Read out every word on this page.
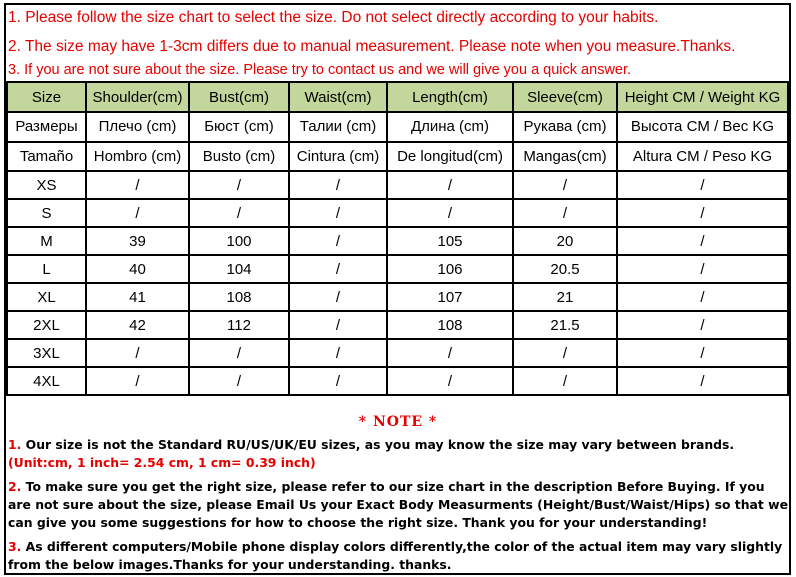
1. Please follow the size chart to select the size. Do not select directly according to your habits.
2. The size may have 1-3cm differs due to manual measurement. Please note when you measure.Thanks.
3. If you are not sure about the size. Please try to contact us and we will give you a quick answer.
Size	Shoulder(cm)	Bust(cm)	Waist(cm)	Length(cm)	Sleeve(cm)	Height CM / Weight KG
Размеры	Плечо (cm)	Бюст (cm)	Талии (cm)	Длина (cm)	Рукава (cm)	Высота CM / Вес KG
Tamaño	Hombro (cm)	Busto (cm)	Cintura (cm)	De longitud(cm)	Mangas(cm)	Altura CM / Peso KG
XS	/	/	/	/	/	/
S	/	/	/	/	/	/
M	39	100	/	105	20	/
L	40	104	/	106	20.5	/
XL	41	108	/	107	21	/
2XL	42	112	/	108	21.5	/
3XL	/	/	/	/	/	/
4XL	/	/	/	/	/	/
* NOTE *
1. Our size is not the Standard RU/US/UK/EU sizes, as you may know the size may vary between brands.
(Unit:cm, 1 inch= 2.54 cm, 1 cm= 0.39 inch)
2. To make sure you get the right size, please refer to our size chart in the description Before Buying. If you are not sure about the size, please Email Us your Exact Body Measurments (Height/Bust/Waist/Hips) so that we can give you some suggestions for how to choose the right size. Thank you for your understanding!
3. As different computers/Mobile phone display colors differently,the color of the actual item may vary slightly from the below images.Thanks for your understanding. thanks.
